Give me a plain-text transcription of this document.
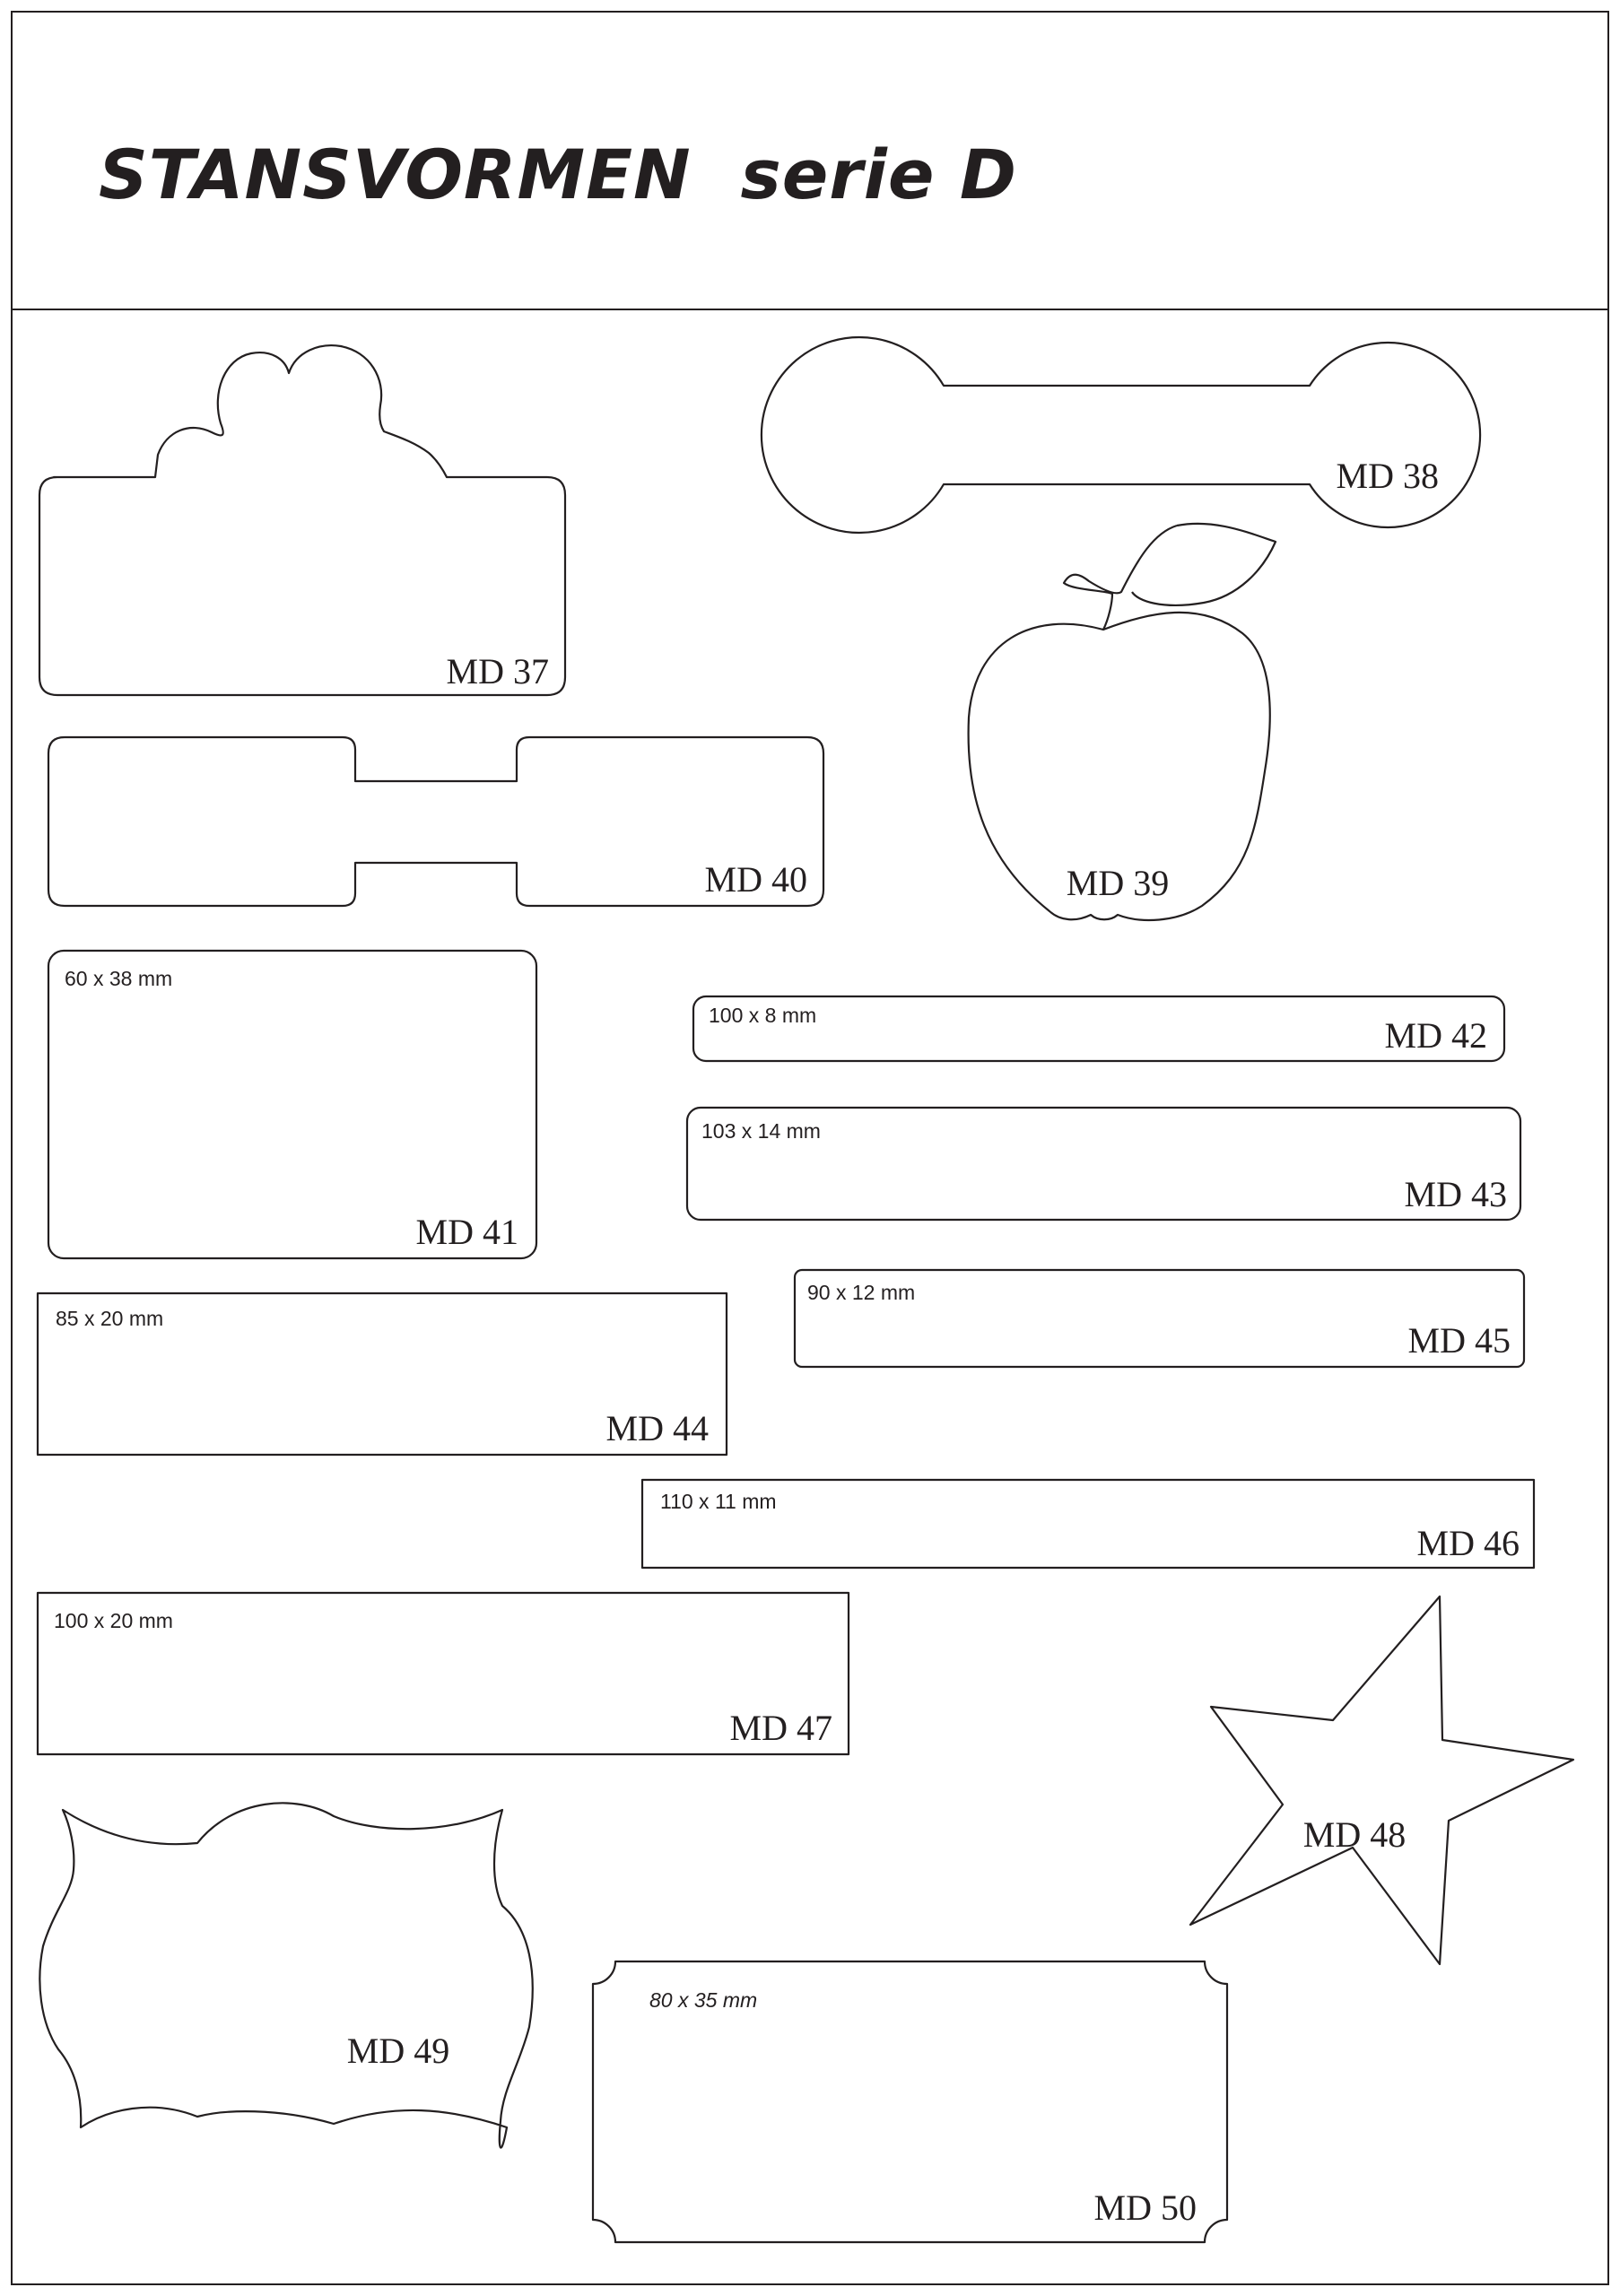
STANSVORMEN  serie D
MD 37
MD 38
MD 39
MD 40
60 x 38 mm
MD 41
100 x 8 mm	MD 42
103 x 14 mm
MD 43
85 x 20 mm
MD 44
90 x 12 mm
MD 45
110 x 11 mm
MD 46
100 x 20 mm
MD 47
MD 48
MD 49
80 x 35 mm
MD 50
